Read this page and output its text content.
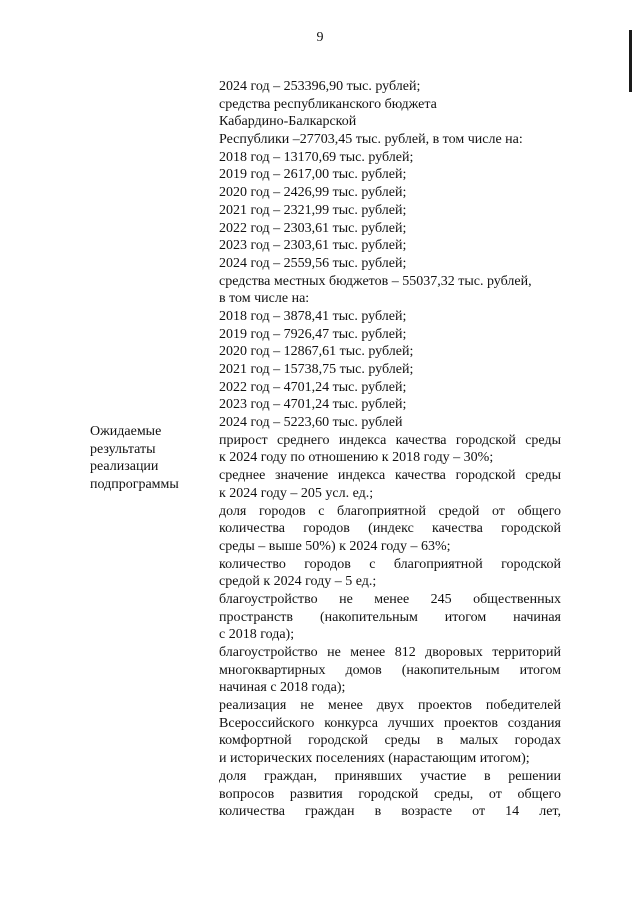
9
Ожидаемые
результаты
реализации
подпрограммы
2024 год – 253396,90 тыс. рублей;
средства республиканского бюджета
Кабардино-Балкарской
Республики –27703,45 тыс. рублей, в том числе на:
2018 год – 13170,69 тыс. рублей;
2019 год – 2617,00 тыс. рублей;
2020 год – 2426,99 тыс. рублей;
2021 год – 2321,99 тыс. рублей;
2022 год – 2303,61 тыс. рублей;
2023 год – 2303,61 тыс. рублей;
2024 год – 2559,56 тыс. рублей;
средства местных бюджетов – 55037,32 тыс. рублей,
в том числе на:
2018 год – 3878,41 тыс. рублей;
2019 год – 7926,47 тыс. рублей;
2020 год – 12867,61 тыс. рублей;
2021 год – 15738,75 тыс. рублей;
2022 год – 4701,24 тыс. рублей;
2023 год – 4701,24 тыс. рублей;
2024 год – 5223,60 тыс. рублей
прирост среднего индекса качества городской среды
к 2024 году по отношению к 2018 году – 30%;
среднее значение индекса качества городской среды
к 2024 году – 205 усл. ед.;
доля городов с благоприятной средой от общего
количества городов (индекс качества городской
среды – выше 50%) к 2024 году – 63%;
количество городов с благоприятной городской
средой к 2024 году – 5 ед.;
благоустройство не менее 245 общественных
пространств (накопительным итогом начиная
с 2018 года);
благоустройство не менее 812 дворовых территорий
многоквартирных домов (накопительным итогом
начиная с 2018 года);
реализация не менее двух проектов победителей
Всероссийского конкурса лучших проектов создания
комфортной городской среды в малых городах
и исторических поселениях (нарастающим итогом);
доля граждан, принявших участие в решении
вопросов развития городской среды, от общего
количества граждан в возрасте от 14 лет,
